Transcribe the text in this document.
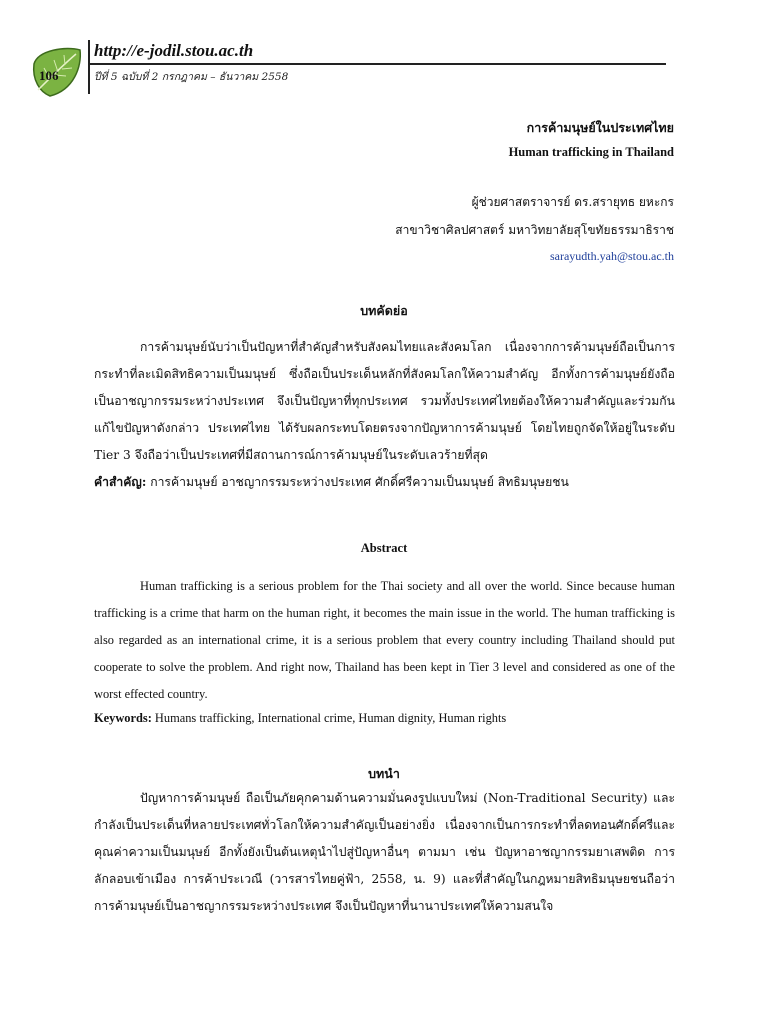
106
http://e-jodil.stou.ac.th
ปีที่ 5 ฉบับที่ 2 กรกฎาคม – ธันวาคม 2558
การค้ามนุษย์ในประเทศไทย
Human trafficking in Thailand
ผู้ช่วยศาสตราจารย์ ดร.สรายุทธ ยหะกร
สาขาวิชาศิลปศาสตร์ มหาวิทยาลัยสุโขทัยธรรมาธิราช
sarayudth.yah@stou.ac.th
บทคัดย่อ
การค้ามนุษย์นับว่าเป็นปัญหาที่สำคัญสำหรับสังคมไทยและสังคมโลก เนื่องจากการค้ามนุษย์ถือเป็นการกระทำที่ละเมิดสิทธิความเป็นมนุษย์ ซึ่งถือเป็นประเด็นหลักที่สังคมโลกให้ความสำคัญ อีกทั้งการค้ามนุษย์ยังถือเป็นอาชญากรรมระหว่างประเทศ จึงเป็นปัญหาที่ทุกประเทศ รวมทั้งประเทศไทยต้องให้ความสำคัญและร่วมกันแก้ไขปัญหาดังกล่าว ประเทศไทย ได้รับผลกระทบโดยตรงจากปัญหาการค้ามนุษย์ โดยไทยถูกจัดให้อยู่ในระดับ Tier 3 จึงถือว่าเป็นประเทศที่มีสถานการณ์การค้ามนุษย์ในระดับเลวร้ายที่สุด
คำสำคัญ: การค้ามนุษย์ อาชญากรรมระหว่างประเทศ ศักดิ์ศรีความเป็นมนุษย์ สิทธิมนุษยชน
Abstract
Human trafficking is a serious problem for the Thai society and all over the world. Since because human trafficking is a crime that harm on the human right, it becomes the main issue in the world. The human trafficking is also regarded as an international crime, it is a serious problem that every country including Thailand should put cooperate to solve the problem. And right now, Thailand has been kept in Tier 3 level and considered as one of the worst effected country.
Keywords: Humans trafficking, International crime, Human dignity, Human rights
บทนำ
ปัญหาการค้ามนุษย์ ถือเป็นภัยคุกคามด้านความมั่นคงรูปแบบใหม่ (Non-Traditional Security) และกำลังเป็นประเด็นที่หลายประเทศทั่วโลกให้ความสำคัญเป็นอย่างยิ่ง เนื่องจากเป็นการกระทำที่ลดทอนศักดิ์ศรีและคุณค่าความเป็นมนุษย์ อีกทั้งยังเป็นต้นเหตุนำไปสู่ปัญหาอื่นๆ ตามมา เช่น ปัญหาอาชญากรรมยาเสพติด การลักลอบเข้าเมือง การค้าประเวณี (วารสารไทยคู่ฟ้า, 2558, น. 9) และที่สำคัญในกฎหมายสิทธิมนุษยชนถือว่าการค้ามนุษย์เป็นอาชญากรรมระหว่างประเทศ จึงเป็นปัญหาที่นานาประเทศให้ความสนใจ
